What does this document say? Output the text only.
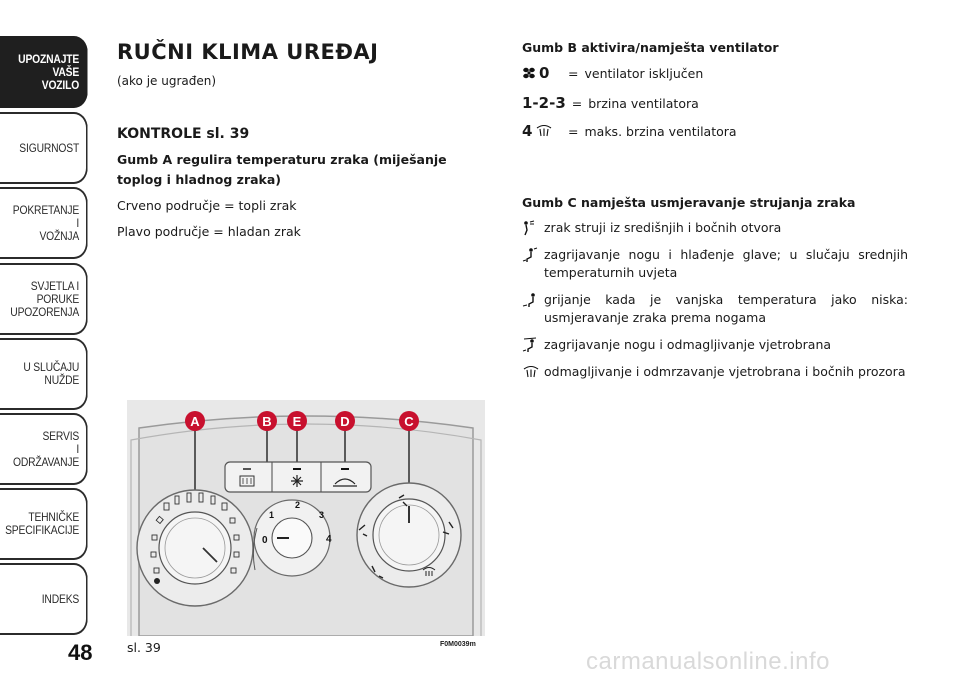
UPOZNAJTE
VAŠE
VOZILO
SIGURNOST
POKRETANJE
I
VOŽNJA
SVJETLA I
PORUKE
UPOZORENJA
U SLUČAJU
NUŽDE
SERVIS
I
ODRŽAVANJE
TEHNIČKE
SPECIFIKACIJE
INDEKS
48
RUČNI KLIMA UREĐAJ

(ako je ugrađen)

KONTROLE sl. 39

Gumb A regulira temperaturu zraka (miješanje toplog i hladnog zraka)

Crveno područje = topli zrak

Plavo područje = hladan zrak

Gumb B aktivira/namješta ventilator

0 = ventilator isključen
1-2-3 = brzina ventilatora
4	= maks. brzina ventilatora

Gumb C namješta usmjeravanje strujanja zraka

zrak struji iz središnjih i bočnih otvora
zagrijavanje nogu i hlađenje glave; u slučaju srednjih temperaturnih uvjeta
grijanje kada je vanjska temperatura jako niska: usmjeravanje zraka prema nogama
zagrijavanje nogu i odmagljivanje vjetrobrana
odmagljivanje i odmrzavanje vjetrobrana i bočnih prozora
A	B E	D	C
0
1
2
3
4
sl. 39	F0M0039m
carmanualsonline.info
